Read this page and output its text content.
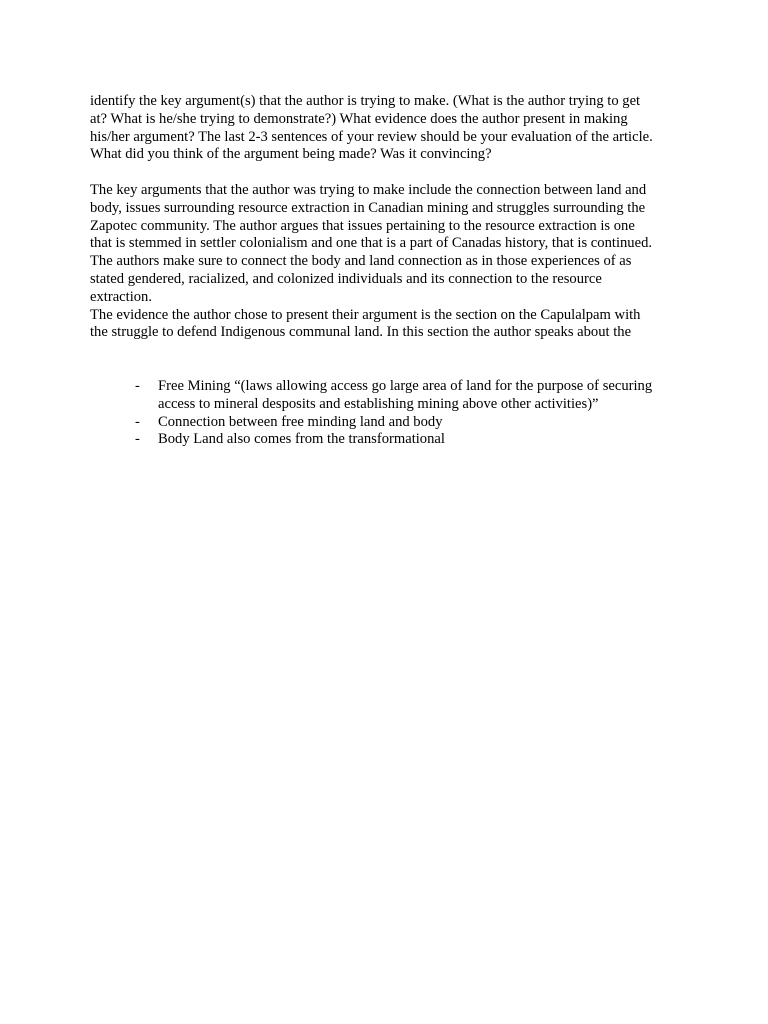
identify the key argument(s) that the author is trying to make. (What is the author trying to get
at? What is he/she trying to demonstrate?) What evidence does the author present in making
his/her argument? The last 2-3 sentences of your review should be your evaluation of the article.
What did you think of the argument being made? Was it convincing?

The key arguments that the author was trying to make include the connection between land and
body, issues surrounding resource extraction in Canadian mining and struggles surrounding the
Zapotec community. The author argues that issues pertaining to the resource extraction is one
that is stemmed in settler colonialism and one that is a part of Canadas history, that is continued.
The authors make sure to connect the body and land connection as in those experiences of as
stated gendered, racialized, and colonized individuals and its connection to the resource
extraction.
The evidence the author chose to present their argument is the section on the Capulalpam with
the struggle to defend Indigenous communal land. In this section the author speaks about the

- Free Mining “(laws allowing access go large area of land for the purpose of securing
access to mineral desposits and establishing mining above other activities)”
- Connection between free minding land and body
- Body Land also comes from the transformational
